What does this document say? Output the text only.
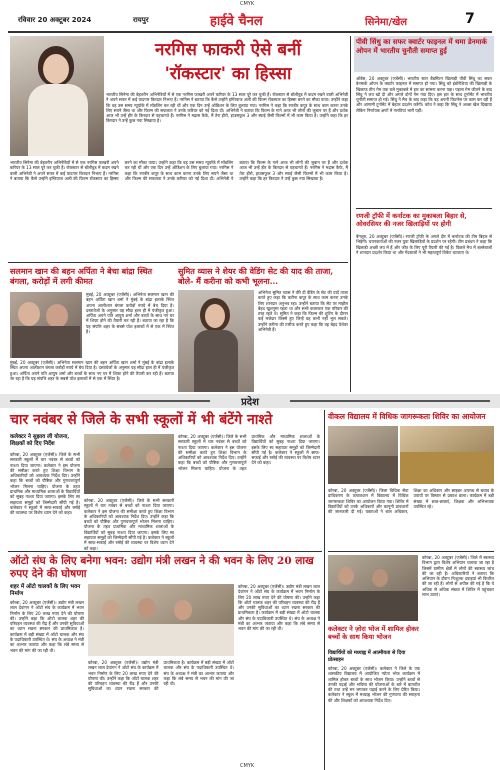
CMYK
रविवार 20 अक्टूबर 2024	रायपुर	हाईवे चैनल	सिनेमा/खेल	7
नरगिस फाकरी ऐसे बनीं
'रॉकस्टार' का हिस्सा
भारतीय सिनेमा की बेहतरीन अभिनेत्रियों में से एक नरगिस फाखरी अपने करियर के 13 साल पूरे कर चुकी हैं। रॉकस्टार से बॉलीवुड में कदम रखने वाली अभिनेत्री ने अपने सफर में कई यादगार किरदार निभाए हैं। नरगिस ने बताया कि कैसे उन्होंने इम्तियाज अली की फिल्म रॉकस्टार का हिस्सा बनने का मौका पाया। उन्होंने कहा कि वह उस समय न्यूयॉर्क में मॉडलिंग कर रही थीं और एक दिन उन्हें ऑडिशन के लिए बुलाया गया। नरगिस ने कहा कि रणबीर कपूर के साथ काम करना उनके लिए सपने जैसा था और फिल्म की सफलता ने उनके करियर को नई दिशा दी। अभिनेत्री ने बताया कि फिल्म के गाने आज भी लोगों की जुबान पर हैं और दर्शक आज भी उन्हें हीर के किरदार से पहचानते हैं। नरगिस ने मद्रास कैफे, मैं तेरा हीरो, हाउसफुल 3 और स्पाई जैसी फिल्मों में भी काम किया है। उन्होंने कहा कि हर किरदार ने उन्हें कुछ नया सिखाया है।
भारतीय सिनेमा की बेहतरीन अभिनेत्रियों में से एक नरगिस फाखरी अपने करियर के 13 साल पूरे कर चुकी हैं। रॉकस्टार से बॉलीवुड में कदम रखने वाली अभिनेत्री ने अपने सफर में कई यादगार किरदार निभाए हैं। नरगिस ने बताया कि कैसे उन्होंने इम्तियाज अली की फिल्म रॉकस्टार का हिस्सा बनने का मौका पाया। उन्होंने कहा कि वह उस समय न्यूयॉर्क में मॉडलिंग कर रही थीं और एक दिन उन्हें ऑडिशन के लिए बुलाया गया। नरगिस ने कहा कि रणबीर कपूर के साथ काम करना उनके लिए सपने जैसा था और फिल्म की सफलता ने उनके करियर को नई दिशा दी। अभिनेत्री ने बताया कि फिल्म के गाने आज भी लोगों की जुबान पर हैं और दर्शक आज भी उन्हें हीर के किरदार से पहचानते हैं। नरगिस ने मद्रास कैफे, मैं तेरा हीरो, हाउसफुल 3 और स्पाई जैसी फिल्मों में भी काम किया है। उन्होंने कहा कि हर किरदार ने उन्हें कुछ नया सिखाया है।
पीवी सिंधु का सफर क्वार्टर फाइनल में थमा डेनमार्क ओपन में भारतीय चुनौती समाप्त हुई
ओडेंस, 20 अक्टूबर (एजेंसी)। भारतीय स्टार बैडमिंटन खिलाड़ी पीवी सिंधु का सफर डेनमार्क ओपन के क्वार्टर फाइनल में समाप्त हो गया। सिंधु को इंडोनेशिया की खिलाड़ी के खिलाफ तीन गेम तक चले मुकाबले में हार का सामना करना पड़ा। पहला गेम जीतने के बाद सिंधु ने लय खो दी और अगले दोनों गेम गंवा दिए। इस हार के साथ टूर्नामेंट में भारतीय चुनौती समाप्त हो गई। सिंधु ने मैच के बाद कहा कि वह अपनी फिटनेस पर काम कर रही हैं और आगामी टूर्नामेंट में बेहतर प्रदर्शन करेंगी। कोच ने कहा कि सिंधु ने अच्छा खेल दिखाया लेकिन निर्णायक क्षणों में गलतियां भारी पड़ीं।
रणजी ट्रॉफी में कर्नाटक का मुकाबला बिहार से, ओवरसियर की नजर खिलाड़ियों पर होगी
बेंगलुरु, 20 अक्टूबर (एजेंसी)। रणजी ट्रॉफी के अगले दौर में कर्नाटक की टीम बिहार से भिड़ेगी। चयनकर्ताओं की नजर युवा खिलाड़ियों के प्रदर्शन पर रहेगी। टीम प्रबंधन ने कहा कि खिलाड़ी अच्छी लय में हैं और जीत के लिए पूरी तैयारी की गई है। पिछले मैच में बल्लेबाजों ने शानदार प्रदर्शन किया था और गेंदबाजों ने भी महत्वपूर्ण विकेट चटकाए थे।
सलमान खान की बहन अर्पिता ने बेचा बांद्रा स्थित बंगला, करोड़ों में लगी कीमत
मुंबई, 20 अक्टूबर (एजेंसी)। अभिनेता सलमान खान की बहन अर्पिता खान शर्मा ने मुंबई के बांद्रा इलाके स्थित अपना आलीशान बंगला करोड़ों रुपये में बेच दिया है। दस्तावेजों के अनुसार यह सौदा हाल ही में पंजीकृत हुआ। अर्पिता अपने पति आयुष शर्मा और बच्चों के साथ नए घर में शिफ्ट होने की तैयारी कर रही हैं। बताया जा रहा है कि यह संपत्ति शहर के सबसे पॉश इलाकों में से एक में स्थित है।
मुंबई, 20 अक्टूबर (एजेंसी)। अभिनेता सलमान खान की बहन अर्पिता खान शर्मा ने मुंबई के बांद्रा इलाके स्थित अपना आलीशान बंगला करोड़ों रुपये में बेच दिया है। दस्तावेजों के अनुसार यह सौदा हाल ही में पंजीकृत हुआ। अर्पिता अपने पति आयुष शर्मा और बच्चों के साथ नए घर में शिफ्ट होने की तैयारी कर रही हैं। बताया जा रहा है कि यह संपत्ति शहर के सबसे पॉश इलाकों में से एक में स्थित है।
सुमित व्यास ने शेयर की वेडिंग सेट की याद की ताजा, बोले- मैं करीना को कभी भूलना...
अभिनेता सुमित व्यास ने वीरे दी वेडिंग के सेट की यादें ताजा करते हुए कहा कि करीना कपूर के साथ काम करना उनके लिए शानदार अनुभव रहा। उन्होंने बताया कि सेट पर माहौल बेहद खुशनुमा रहता था और सभी कलाकार एक परिवार की तरह रहते थे। सुमित ने कहा कि फिल्म की शूटिंग के दौरान कई मजेदार किस्से हुए जिन्हें वह कभी नहीं भूल सकते। उन्होंने करीना की तारीफ करते हुए कहा कि वह बेहद पेशेवर अभिनेत्री हैं।
प्रदेश
चार नवंबर से जिले के सभी स्कूलों में भी बंटेंगे नाश्ते
कलेक्टर ने सुझाव ली योजना, शिक्षकों को दिए निर्देश
कोरबा, 20 अक्टूबर (एजेंसी)। जिले के सभी सरकारी स्कूलों में चार नवंबर से बच्चों को नाश्ता दिया जाएगा। कलेक्टर ने इस योजना की समीक्षा करते हुए शिक्षा विभाग के अधिकारियों को आवश्यक निर्देश दिए। उन्होंने कहा कि बच्चों को पौष्टिक और गुणवत्तापूर्ण भोजन मिलना चाहिए। योजना के तहत प्राथमिक और माध्यमिक शालाओं के विद्यार्थियों को सुबह नाश्ता दिया जाएगा। इसके लिए स्व सहायता समूहों को जिम्मेदारी सौंपी गई है। कलेक्टर ने स्कूलों में साफ-सफाई और रसोई की व्यवस्था पर विशेष ध्यान देने को कहा।
कोरबा, 20 अक्टूबर (एजेंसी)। जिले के सभी सरकारी स्कूलों में चार नवंबर से बच्चों को नाश्ता दिया जाएगा। कलेक्टर ने इस योजना की समीक्षा करते हुए शिक्षा विभाग के अधिकारियों को आवश्यक निर्देश दिए। उन्होंने कहा कि बच्चों को पौष्टिक और गुणवत्तापूर्ण भोजन मिलना चाहिए। योजना के तहत प्राथमिक और माध्यमिक शालाओं के विद्यार्थियों को सुबह नाश्ता दिया जाएगा। इसके लिए स्व सहायता समूहों को जिम्मेदारी सौंपी गई है। कलेक्टर ने स्कूलों में साफ-सफाई और रसोई की व्यवस्था पर विशेष ध्यान देने को कहा।
कोरबा, 20 अक्टूबर (एजेंसी)। जिले के सभी सरकारी स्कूलों में चार नवंबर से बच्चों को नाश्ता दिया जाएगा। कलेक्टर ने इस योजना की समीक्षा करते हुए शिक्षा विभाग के अधिकारियों को आवश्यक निर्देश दिए। उन्होंने कहा कि बच्चों को पौष्टिक और गुणवत्तापूर्ण भोजन मिलना चाहिए। योजना के तहत प्राथमिक और माध्यमिक शालाओं के विद्यार्थियों को सुबह नाश्ता दिया जाएगा। इसके लिए स्व सहायता समूहों को जिम्मेदारी सौंपी गई है। कलेक्टर ने स्कूलों में साफ-सफाई और रसोई की व्यवस्था पर विशेष ध्यान देने को कहा।
वीकल विद्यालय में विधिक जागरूकता शिविर का आयोजन
कोरबा, 20 अक्टूबर (एजेंसी)। जिला विधिक सेवा प्राधिकरण के तत्वावधान में विद्यालय में विधिक जागरूकता शिविर का आयोजन किया गया। शिविर में विद्यार्थियों को उनके अधिकारों और कानूनी प्रावधानों की जानकारी दी गई। वक्ताओं ने बाल अधिकार, शिक्षा का अधिकार और साइबर अपराध से बचाव के उपायों पर विस्तार से प्रकाश डाला। कार्यक्रम में बड़ी संख्या में छात्र-छात्राएं, शिक्षक और अभिभावक उपस्थित रहे।
ऑटो संघ के लिए बनेगा भवन: उद्योग मंत्री लखन ने की भवन के लिए 20 लाख रुपए देने की घोषणा
शहर में ऑटो चालकों के लिए भवन निर्माण
कोरबा, 20 अक्टूबर (एजेंसी)। उद्योग मंत्री लखन लाल देवांगन ने ऑटो संघ के कार्यक्रम में भवन निर्माण के लिए 20 लाख रुपए देने की घोषणा की। उन्होंने कहा कि ऑटो चालक शहर की परिवहन व्यवस्था की रीढ़ हैं और उनकी सुविधाओं का ध्यान रखना सरकार की प्राथमिकता है। कार्यक्रम में बड़ी संख्या में ऑटो चालक और संघ के पदाधिकारी उपस्थित थे। संघ के अध्यक्ष ने मंत्री का आभार जताया और कहा कि लंबे समय से भवन की मांग की जा रही थी।
कोरबा, 20 अक्टूबर (एजेंसी)। उद्योग मंत्री लखन लाल देवांगन ने ऑटो संघ के कार्यक्रम में भवन निर्माण के लिए 20 लाख रुपए देने की घोषणा की। उन्होंने कहा कि ऑटो चालक शहर की परिवहन व्यवस्था की रीढ़ हैं और उनकी सुविधाओं का ध्यान रखना सरकार की प्राथमिकता है। कार्यक्रम में बड़ी संख्या में ऑटो चालक और संघ के पदाधिकारी उपस्थित थे। संघ के अध्यक्ष ने मंत्री का आभार जताया और कहा कि लंबे समय से भवन की मांग की जा रही थी।
कोरबा, 20 अक्टूबर (एजेंसी)। उद्योग मंत्री लखन लाल देवांगन ने ऑटो संघ के कार्यक्रम में भवन निर्माण के लिए 20 लाख रुपए देने की घोषणा की। उन्होंने कहा कि ऑटो चालक शहर की परिवहन व्यवस्था की रीढ़ हैं और उनकी सुविधाओं का ध्यान रखना सरकार की प्राथमिकता है। कार्यक्रम में बड़ी संख्या में ऑटो चालक और संघ के पदाधिकारी उपस्थित थे। संघ के अध्यक्ष ने मंत्री का आभार जताया और कहा कि लंबे समय से भवन की मांग की जा रही थी।
कोरबा, 20 अक्टूबर (एजेंसी)। जिले में स्वास्थ्य विभाग द्वारा विशेष अभियान चलाया जा रहा है जिसमें ग्रामीण क्षेत्रों में लोगों की स्वास्थ्य जांच की जा रही है। अधिकारियों ने बताया कि अभियान के दौरान निःशुल्क दवाइयां भी वितरित की जा रही हैं। लोगों से अपील की गई है कि वे अधिक से अधिक संख्या में शिविर में पहुंचकर लाभ उठाएं।
कलेक्टर ने ज़ोरा भोज में शामिल होकर बच्चों के साथ किया भोजन
विद्यार्थियों को मध्याह्न में आत्मीयता से दिया प्रोत्साहन
कोरबा, 20 अक्टूबर (एजेंसी)। कलेक्टर ने जिले के एक शासकीय विद्यालय में आयोजित न्योता भोज कार्यक्रम में शामिल होकर बच्चों के साथ भोजन किया। उन्होंने बच्चों से उनकी पढ़ाई और भविष्य की योजनाओं के बारे में बातचीत की तथा उन्हें मन लगाकर पढ़ाई करने के लिए प्रेरित किया। कलेक्टर ने स्कूल में मध्याह्न भोजन की गुणवत्ता की सराहना की और शिक्षकों को आवश्यक निर्देश दिए।
CMYK
